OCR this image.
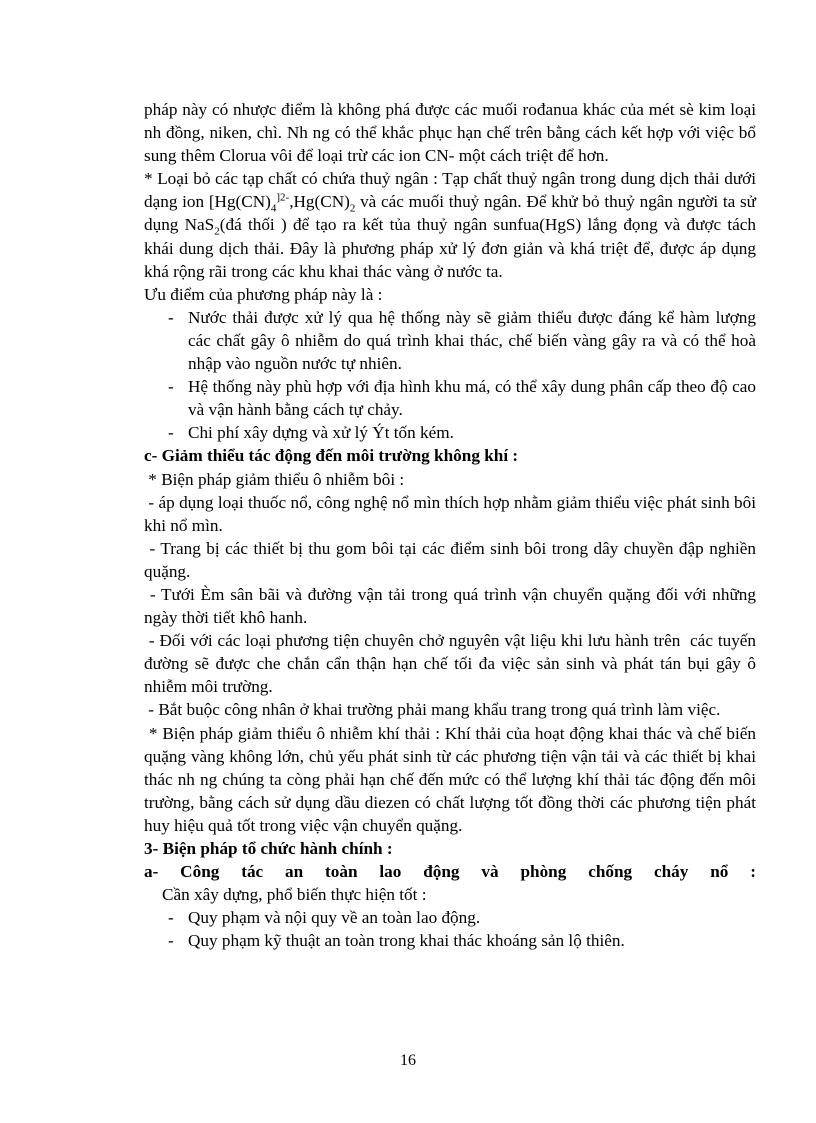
pháp này có nhược điểm là không phá được các muối rođanua khác của mét sè kim loại nh đồng, niken, chì. Nh ng có thể khắc phục hạn chế trên bằng cách kết hợp với việc bổ sung thêm Clorua vôi để loại trừ các ion CN- một cách triệt để hơn.

* Loại bỏ các tạp chất có chứa thuỷ ngân : Tạp chất thuỷ ngân trong dung dịch thải dưới dạng ion [$Hg(CN)_4^{]2-},Hg(CN)_2$ và các muối thuỷ ngân. Để khử bỏ thuỷ ngân người ta sử dụng NaS$_2$(đá thối ) để tạo ra kết tủa thuỷ ngân sunfua(HgS) lắng đọng và được tách khái dung dịch thải. Đây là phương pháp xử lý đơn giản và khá triệt để, được áp dụng khá rộng rãi trong các khu khai thác vàng ở nước ta.

Ưu điểm của phương pháp này là :

- Nước thải được xử lý qua hệ thống này sẽ giảm thiểu được đáng kể hàm lượng các chất gây ô nhiễm do quá trình khai thác, chế biến vàng gây ra và có thể hoà nhập vào nguồn nước tự nhiên.
- Hệ thống này phù hợp với địa hình khu má, có thể xây dung phân cấp theo độ cao và vận hành bằng cách tự chảy.
- Chi phí xây dựng và xử lý Ýt tốn kém.

c- Giảm thiểu tác động đến môi trường không khí :

* Biện pháp giảm thiểu ô nhiễm bôi :

- áp dụng loại thuốc nổ, công nghệ nổ mìn thích hợp nhằm giảm thiểu việc phát sinh bôi khi nổ mìn.

- Trang bị các thiết bị thu gom bôi tại các điểm sinh bôi trong dây chuyền đập nghiền quặng.

- Tưới Èm sân bãi và đường vận tải trong quá trình vận chuyển quặng đối với những ngày thời tiết khô hanh.

- Đối với các loại phương tiện chuyên chở nguyên vật liệu khi lưu hành trên  các tuyến đường sẽ được che chắn cẩn thận hạn chế tối đa việc sản sinh và phát tán bụi gây ô nhiễm môi trường.

- Bắt buộc công nhân ở khai trường phải mang khẩu trang trong quá trình làm việc.

* Biện pháp giảm thiểu ô nhiễm khí thải : Khí thải của hoạt động khai thác và chế biến quặng vàng không lớn, chủ yếu phát sinh từ các phương tiện vận tải và các thiết bị khai thác nh ng chúng ta còng phải hạn chế đến mức có thể lượng khí thải tác động đến môi trường, bằng cách sử dụng dầu diezen có chất lượng tốt đồng thời các phương tiện phát huy hiệu quả tốt trong việc vận chuyển quặng.

3- Biện pháp tổ chức hành chính :

a- Công tác an toàn lao động và phòng chống cháy nổ :

Cần xây dựng, phổ biến thực hiện tốt :

- Quy phạm và nội quy về an toàn lao động.
- Quy phạm kỹ thuật an toàn trong khai thác khoáng sản lộ thiên.
16
